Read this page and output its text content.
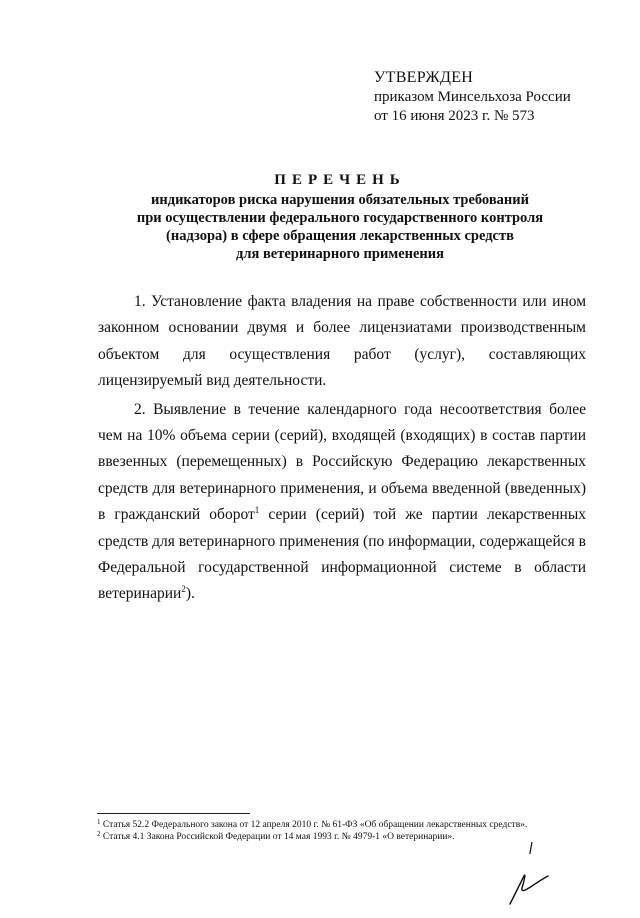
УТВЕРЖДЕН
приказом Минсельхоза России
от 16 июня 2023 г. № 573
ПЕРЕЧЕНЬ
индикаторов риска нарушения обязательных требований
при осуществлении федерального государственного контроля
(надзора) в сфере обращения лекарственных средств
для ветеринарного применения

1. Установление факта владения на праве собственности или ином законном основании двумя и более лицензиатами производственным объектом для осуществления работ (услуг), составляющих лицензируемый вид деятельности.

2. Выявление в течение календарного года несоответствия более чем на 10% объема серии (серий), входящей (входящих) в состав партии ввезенных (перемещенных) в Российскую Федерацию лекарственных средств для ветеринарного применения, и объема введенной (введенных) в гражданский оборот$^1$ серии (серий) той же партии лекарственных средств для ветеринарного применения (по информации, содержащейся в Федеральной государственной информационной системе в области ветеринарии$^2$).

$^1$ Статья 52.2 Федерального закона от 12 апреля 2010 г. № 61-ФЗ «Об обращении лекарственных средств».
$^2$ Статья 4.1 Закона Российской Федерации от 14 мая 1993 г. № 4979-1 «О ветеринарии».
